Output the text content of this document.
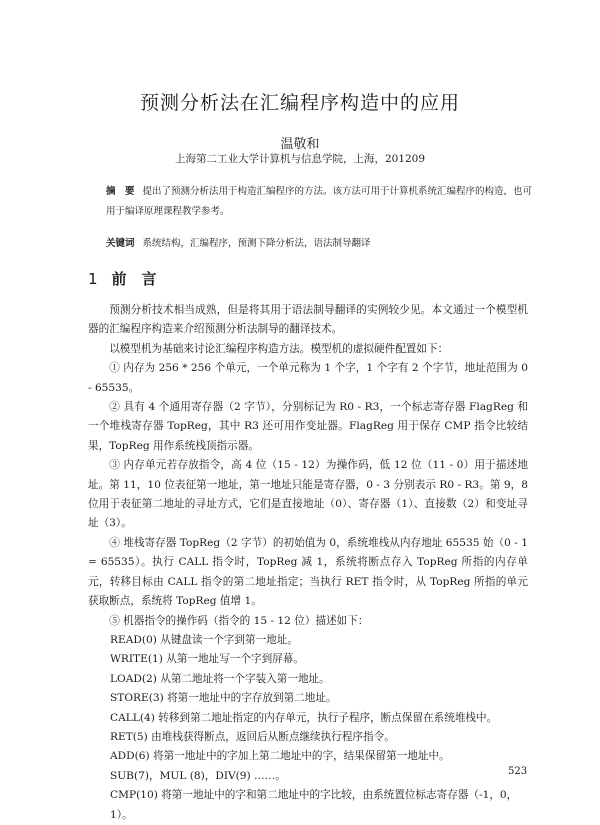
预测分析法在汇编程序构造中的应用
温敬和
上海第二工业大学计算机与信息学院，上海，201209
摘　要 提出了预测分析法用于构造汇编程序的方法。该方法可用于计算机系统汇编程序的构造，也可用于编译原理课程教学参考。
关键词 系统结构，汇编程序，预测下降分析法，语法制导翻译
1 前　言

预测分析技术相当成熟，但是将其用于语法制导翻译的实例较少见。本文通过一个模型机器的汇编程序构造来介绍预测分析法制导的翻译技术。

以模型机为基础来讨论汇编程序构造方法。模型机的虚拟硬件配置如下：

① 内存为 256 * 256 个单元，一个单元称为 1 个字，1 个字有 2 个字节，地址范围为 0 - 65535。

② 具有 4 个通用寄存器（2 字节），分别标记为 R0 - R3，一个标志寄存器 FlagReg 和一个堆栈寄存器 TopReg，其中 R3 还可用作变址器。FlagReg 用于保存 CMP 指令比较结果，TopReg 用作系统栈顶指示器。

③ 内存单元若存放指令，高 4 位（15 - 12）为操作码，低 12 位（11 - 0）用于描述地址。第 11，10 位表征第一地址，第一地址只能是寄存器，0 - 3 分别表示 R0 - R3。第 9，8 位用于表征第二地址的寻址方式，它们是直接地址（0）、寄存器（1）、直接数（2）和变址寻址（3）。

④ 堆栈寄存器 TopReg（2 字节）的初始值为 0，系统堆栈从内存地址 65535 始（0 - 1 = 65535）。执行 CALL 指令时，TopReg 减 1，系统将断点存入 TopReg 所指的内存单元，转移目标由 CALL 指令的第二地址指定；当执行 RET 指令时，从 TopReg 所指的单元获取断点，系统将 TopReg 值增 1。

⑤ 机器指令的操作码（指令的 15 - 12 位）描述如下：

READ(0) 从键盘读一个字到第一地址。
WRITE(1) 从第一地址写一个字到屏幕。
LOAD(2) 从第二地址将一个字装入第一地址。
STORE(3) 将第一地址中的字存放到第二地址。
CALL(4) 转移到第二地址指定的内存单元，执行子程序，断点保留在系统堆栈中。
RET(5) 由堆栈获得断点，返回后从断点继续执行程序指令。
ADD(6) 将第一地址中的字加上第二地址中的字，结果保留第一地址中。
SUB(7)，MUL (8)，DIV(9) ……。
CMP(10) 将第一地址中的字和第二地址中的字比较，由系统置位标志寄存器（-1，0，1）。
523
